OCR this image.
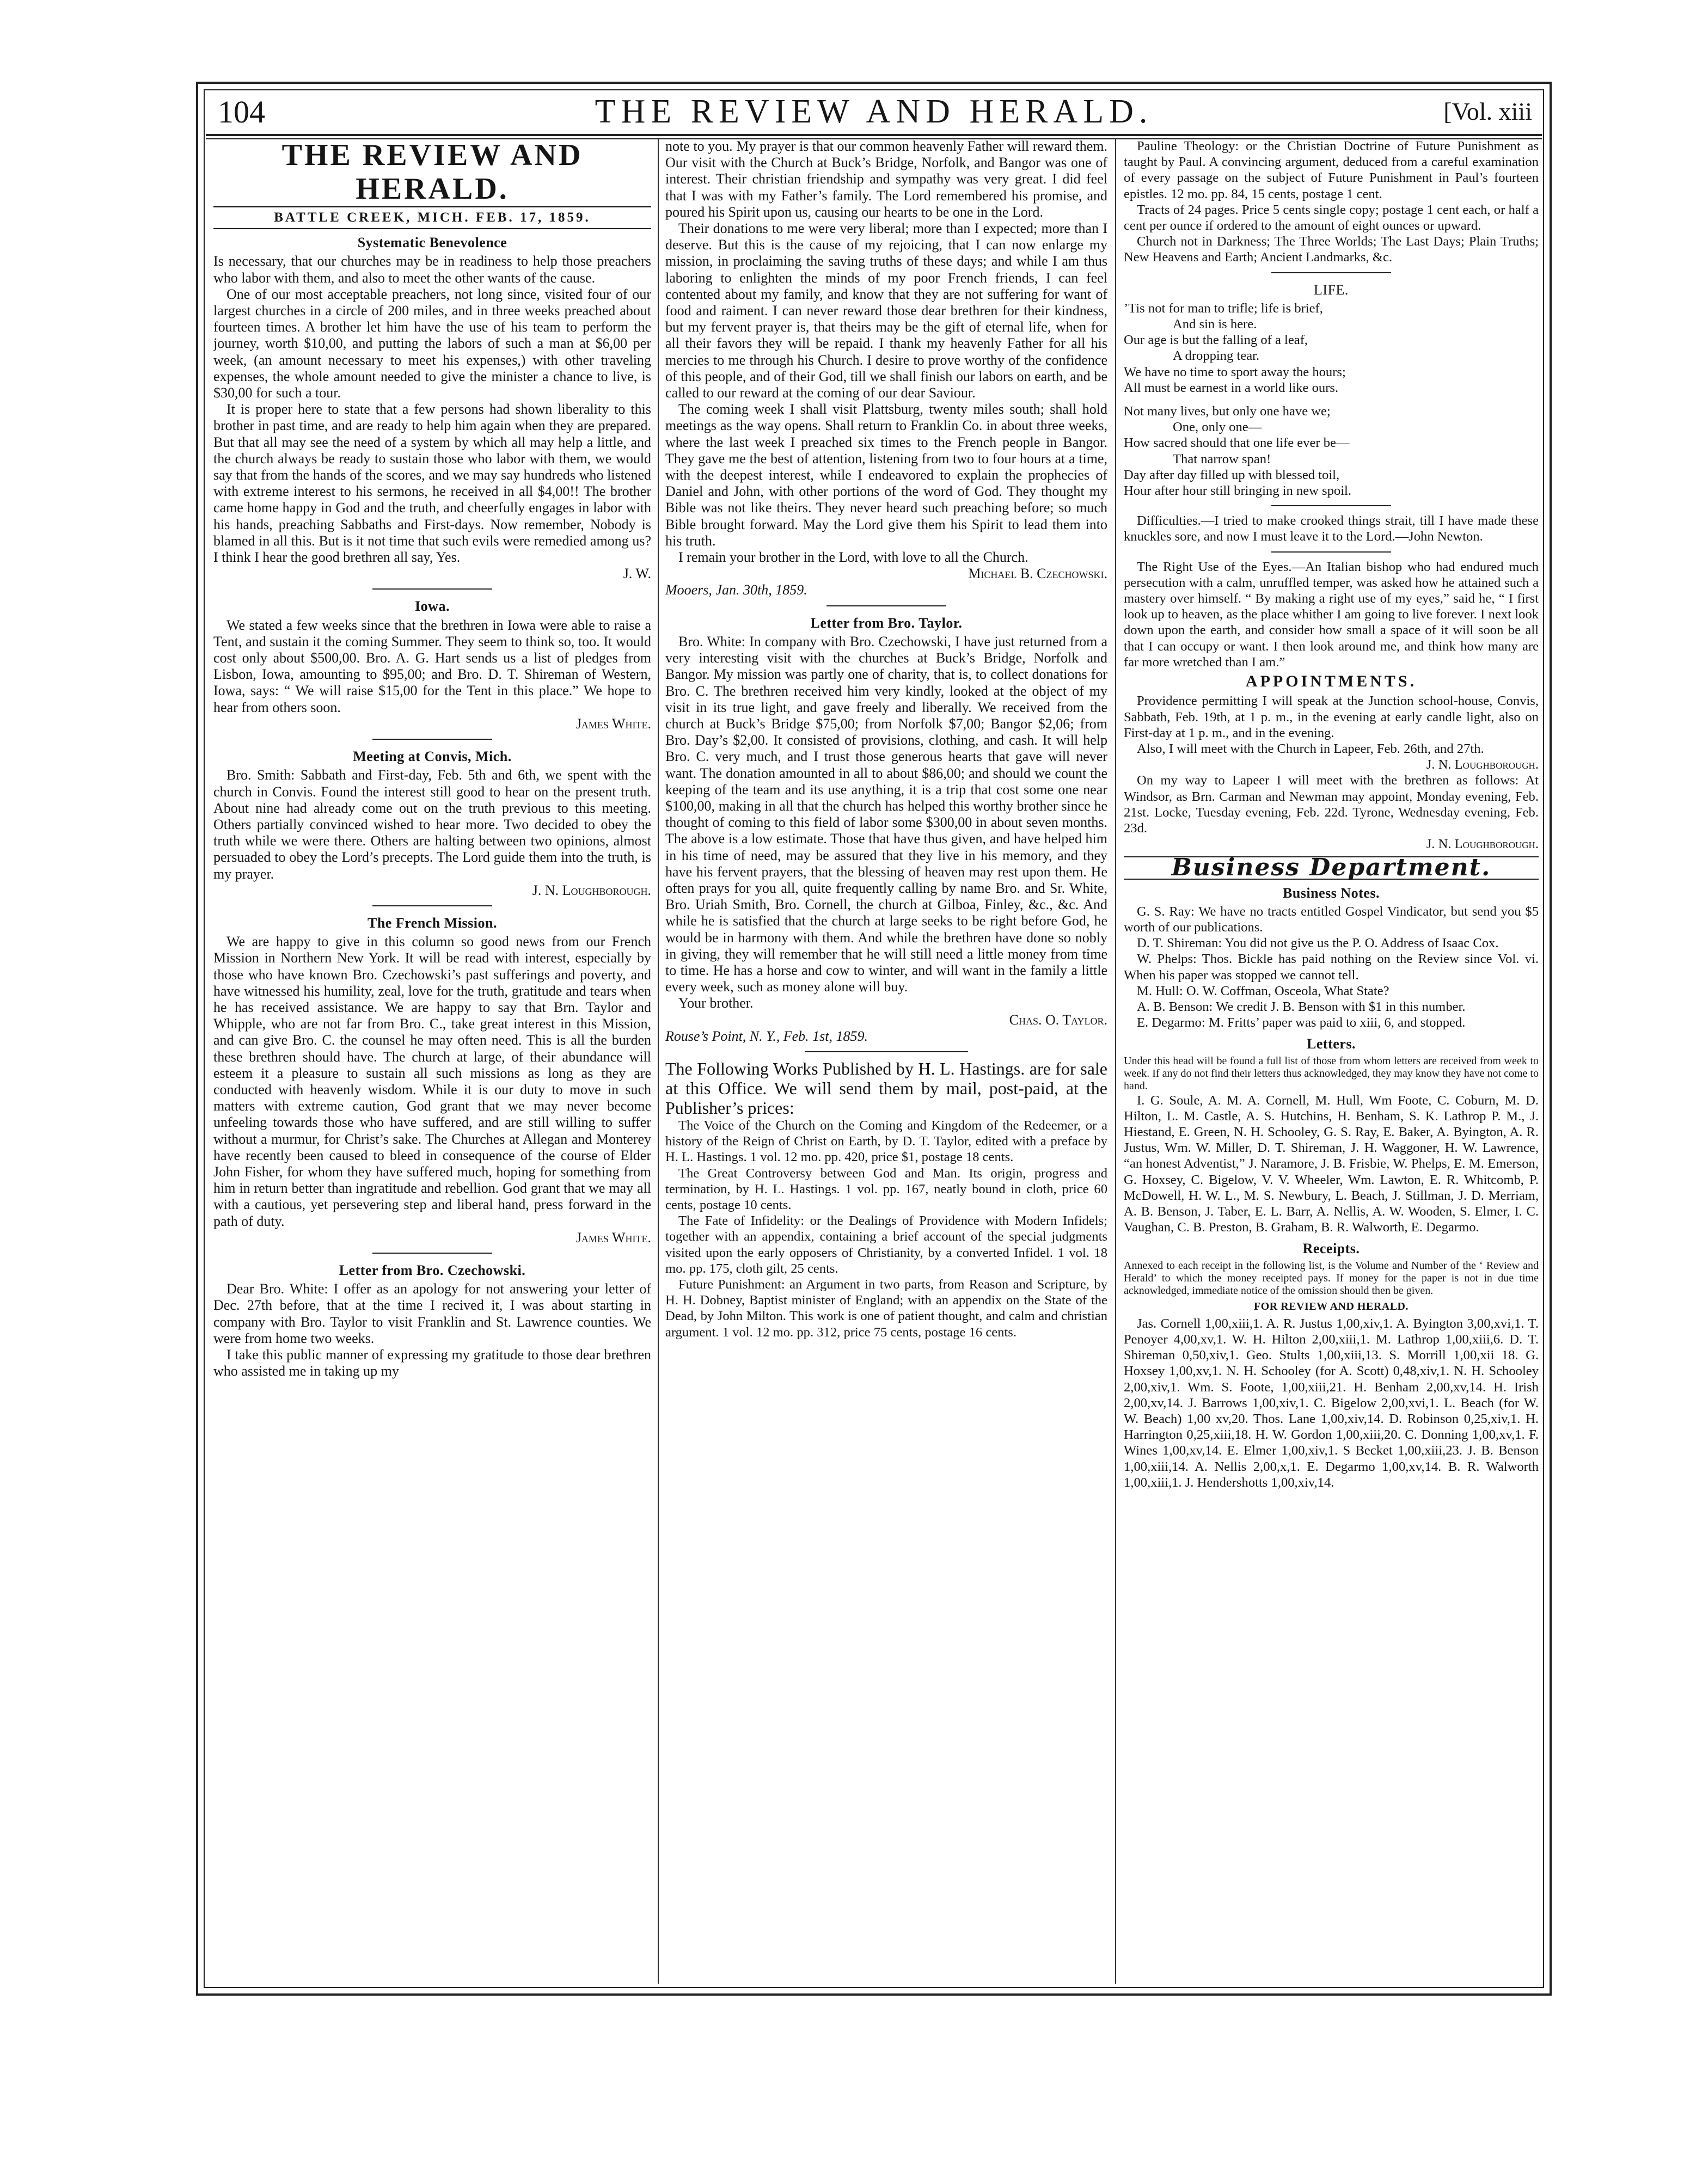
104	THE REVIEW AND HERALD.	[Vol. xiii
THE REVIEW AND HERALD.
BATTLE CREEK, MICH. FEB. 17, 1859.
Systematic Benevolence

Is necessary, that our churches may be in readiness to help those preachers who labor with them, and also to meet the other wants of the cause.

One of our most acceptable preachers, not long since, visited four of our largest churches in a circle of 200 miles, and in three weeks preached about fourteen times. A brother let him have the use of his team to perform the journey, worth $10,00, and putting the labors of such a man at $6,00 per week, (an amount necessary to meet his expenses,) with other traveling expenses, the whole amount needed to give the minister a chance to live, is $30,00 for such a tour.

It is proper here to state that a few persons had shown liberality to this brother in past time, and are ready to help him again when they are prepared. But that all may see the need of a system by which all may help a little, and the church always be ready to sustain those who labor with them, we would say that from the hands of the scores, and we may say hundreds who listened with extreme interest to his sermons, he received in all $4,00!! The brother came home happy in God and the truth, and cheerfully engages in labor with his hands, preaching Sabbaths and First-days. Now remember, Nobody is blamed in all this. But is it not time that such evils were remedied among us? I think I hear the good brethren all say, Yes.

J. W.

Iowa.

We stated a few weeks since that the brethren in Iowa were able to raise a Tent, and sustain it the coming Summer. They seem to think so, too. It would cost only about $500,00. Bro. A. G. Hart sends us a list of pledges from Lisbon, Iowa, amounting to $95,00; and Bro. D. T. Shireman of Western, Iowa, says: “ We will raise $15,00 for the Tent in this place.” We hope to hear from others soon.

James White.

Meeting at Convis, Mich.

Bro. Smith: Sabbath and First-day, Feb. 5th and 6th, we spent with the church in Convis. Found the interest still good to hear on the present truth. About nine had already come out on the truth previous to this meeting. Others partially convinced wished to hear more. Two decided to obey the truth while we were there. Others are halting between two opinions, almost persuaded to obey the Lord’s precepts. The Lord guide them into the truth, is my prayer.

J. N. Loughborough.

The French Mission.

We are happy to give in this column so good news from our French Mission in Northern New York. It will be read with interest, especially by those who have known Bro. Czechowski’s past sufferings and poverty, and have witnessed his humility, zeal, love for the truth, gratitude and tears when he has received assistance. We are happy to say that Brn. Taylor and Whipple, who are not far from Bro. C., take great interest in this Mission, and can give Bro. C. the counsel he may often need. This is all the burden these brethren should have. The church at large, of their abundance will esteem it a pleasure to sustain all such missions as long as they are conducted with heavenly wisdom. While it is our duty to move in such matters with extreme caution, God grant that we may never become unfeeling towards those who have suffered, and are still willing to suffer without a murmur, for Christ’s sake. The Churches at Allegan and Monterey have recently been caused to bleed in consequence of the course of Elder John Fisher, for whom they have suffered much, hoping for something from him in return better than ingratitude and rebellion. God grant that we may all with a cautious, yet persevering step and liberal hand, press forward in the path of duty.

James White.

Letter from Bro. Czechowski.

Dear Bro. White: I offer as an apology for not answering your letter of Dec. 27th before, that at the time I recived it, I was about starting in company with Bro. Taylor to visit Franklin and St. Lawrence counties. We were from home two weeks.

I take this public manner of expressing my gratitude to those dear brethren who assisted me in taking up my

note to you. My prayer is that our common heavenly Father will reward them. Our visit with the Church at Buck’s Bridge, Norfolk, and Bangor was one of interest. Their christian friendship and sympathy was very great. I did feel that I was with my Father’s family. The Lord remembered his promise, and poured his Spirit upon us, causing our hearts to be one in the Lord.

Their donations to me were very liberal; more than I expected; more than I deserve. But this is the cause of my rejoicing, that I can now enlarge my mission, in proclaiming the saving truths of these days; and while I am thus laboring to enlighten the minds of my poor French friends, I can feel contented about my family, and know that they are not suffering for want of food and raiment. I can never reward those dear brethren for their kindness, but my fervent prayer is, that theirs may be the gift of eternal life, when for all their favors they will be repaid. I thank my heavenly Father for all his mercies to me through his Church. I desire to prove worthy of the confidence of this people, and of their God, till we shall finish our labors on earth, and be called to our reward at the coming of our dear Saviour.

The coming week I shall visit Plattsburg, twenty miles south; shall hold meetings as the way opens. Shall return to Franklin Co. in about three weeks, where the last week I preached six times to the French people in Bangor. They gave me the best of attention, listening from two to four hours at a time, with the deepest interest, while I endeavored to explain the prophecies of Daniel and John, with other portions of the word of God. They thought my Bible was not like theirs. They never heard such preaching before; so much Bible brought forward. May the Lord give them his Spirit to lead them into his truth.

I remain your brother in the Lord, with love to all the Church.

Michael B. Czechowski.

Mooers, Jan. 30th, 1859.

Letter from Bro. Taylor.

Bro. White: In company with Bro. Czechowski, I have just returned from a very interesting visit with the churches at Buck’s Bridge, Norfolk and Bangor. My mission was partly one of charity, that is, to collect donations for Bro. C. The brethren received him very kindly, looked at the object of my visit in its true light, and gave freely and liberally. We received from the church at Buck’s Bridge $75,00; from Norfolk $7,00; Bangor $2,06; from Bro. Day’s $2,00. It consisted of provisions, clothing, and cash. It will help Bro. C. very much, and I trust those generous hearts that gave will never want. The donation amounted in all to about $86,00; and should we count the keeping of the team and its use anything, it is a trip that cost some one near $100,00, making in all that the church has helped this worthy brother since he thought of coming to this field of labor some $300,00 in about seven months. The above is a low estimate. Those that have thus given, and have helped him in his time of need, may be assured that they live in his memory, and they have his fervent prayers, that the blessing of heaven may rest upon them. He often prays for you all, quite frequently calling by name Bro. and Sr. White, Bro. Uriah Smith, Bro. Cornell, the church at Gilboa, Finley, &c., &c. And while he is satisfied that the church at large seeks to be right before God, he would be in harmony with them. And while the brethren have done so nobly in giving, they will remember that he will still need a little money from time to time. He has a horse and cow to winter, and will want in the family a little every week, such as money alone will buy.

Your brother.

Chas. O. Taylor.

Rouse’s Point, N. Y., Feb. 1st, 1859.

The Following Works Published by H. L. Hastings. are for sale at this Office. We will send them by mail, post-paid, at the Publisher’s prices:

The Voice of the Church on the Coming and Kingdom of the Redeemer, or a history of the Reign of Christ on Earth, by D. T. Taylor, edited with a preface by H. L. Hastings. 1 vol. 12 mo. pp. 420, price $1, postage 18 cents.

The Great Controversy between God and Man. Its origin, progress and termination, by H. L. Hastings. 1 vol. pp. 167, neatly bound in cloth, price 60 cents, postage 10 cents.

The Fate of Infidelity: or the Dealings of Providence with Modern Infidels; together with an appendix, containing a brief account of the special judgments visited upon the early opposers of Christianity, by a converted Infidel. 1 vol. 18 mo. pp. 175, cloth gilt, 25 cents.

Future Punishment: an Argument in two parts, from Reason and Scripture, by H. H. Dobney, Baptist minister of England; with an appendix on the State of the Dead, by John Milton. This work is one of patient thought, and calm and christian argument. 1 vol. 12 mo. pp. 312, price 75 cents, postage 16 cents.

Pauline Theology: or the Christian Doctrine of Future Punishment as taught by Paul. A convincing argument, deduced from a careful examination of every passage on the subject of Future Punishment in Paul’s fourteen epistles. 12 mo. pp. 84, 15 cents, postage 1 cent.

Tracts of 24 pages. Price 5 cents single copy; postage 1 cent each, or half a cent per ounce if ordered to the amount of eight ounces or upward.

Church not in Darkness; The Three Worlds; The Last Days; Plain Truths; New Heavens and Earth; Ancient Landmarks, &c.

LIFE.
’Tis not for man to trifle; life is brief,
And sin is here.
Our age is but the falling of a leaf,
A dropping tear.
We have no time to sport away the hours;
All must be earnest in a world like ours.
Not many lives, but only one have we;
One, only one—
How sacred should that one life ever be—
That narrow span!
Day after day filled up with blessed toil,
Hour after hour still bringing in new spoil.

Difficulties.—I tried to make crooked things strait, till I have made these knuckles sore, and now I must leave it to the Lord.—John Newton.

The Right Use of the Eyes.—An Italian bishop who had endured much persecution with a calm, unruffled temper, was asked how he attained such a mastery over himself. “ By making a right use of my eyes,” said he, “ I first look up to heaven, as the place whither I am going to live forever. I next look down upon the earth, and consider how small a space of it will soon be all that I can occupy or want. I then look around me, and think how many are far more wretched than I am.”

APPOINTMENTS.

Providence permitting I will speak at the Junction school-house, Convis, Sabbath, Feb. 19th, at 1 p. m., in the evening at early candle light, also on First-day at 1 p. m., and in the evening.

Also, I will meet with the Church in Lapeer, Feb. 26th, and 27th.

J. N. Loughborough.

On my way to Lapeer I will meet with the brethren as follows: At Windsor, as Brn. Carman and Newman may appoint, Monday evening, Feb. 21st. Locke, Tuesday evening, Feb. 22d. Tyrone, Wednesday evening, Feb. 23d.

J. N. Loughborough.

Business Department.
Business Notes.

G. S. Ray: We have no tracts entitled Gospel Vindicator, but send you $5 worth of our publications.

D. T. Shireman: You did not give us the P. O. Address of Isaac Cox.

W. Phelps: Thos. Bickle has paid nothing on the Review since Vol. vi. When his paper was stopped we cannot tell.

M. Hull: O. W. Coffman, Osceola, What State?

A. B. Benson: We credit J. B. Benson with $1 in this number.

E. Degarmo: M. Fritts’ paper was paid to xiii, 6, and stopped.

Letters.

Under this head will be found a full list of those from whom letters are received from week to week. If any do not find their letters thus acknowledged, they may know they have not come to hand.

I. G. Soule, A. M. A. Cornell, M. Hull, Wm Foote, C. Coburn, M. D. Hilton, L. M. Castle, A. S. Hutchins, H. Benham, S. K. Lathrop P. M., J. Hiestand, E. Green, N. H. Schooley, G. S. Ray, E. Baker, A. Byington, A. R. Justus, Wm. W. Miller, D. T. Shireman, J. H. Waggoner, H. W. Lawrence, “an honest Adventist,” J. Naramore, J. B. Frisbie, W. Phelps, E. M. Emerson, G. Hoxsey, C. Bigelow, V. V. Wheeler, Wm. Lawton, E. R. Whitcomb, P. McDowell, H. W. L., M. S. Newbury, L. Beach, J. Stillman, J. D. Merriam, A. B. Benson, J. Taber, E. L. Barr, A. Nellis, A. W. Wooden, S. Elmer, I. C. Vaughan, C. B. Preston, B. Graham, B. R. Walworth, E. Degarmo.

Receipts.

Annexed to each receipt in the following list, is the Volume and Number of the ‘ Review and Herald’ to which the money receipted pays. If money for the paper is not in due time acknowledged, immediate notice of the omission should then be given.

FOR REVIEW AND HERALD.

Jas. Cornell 1,00,xiii,1. A. R. Justus 1,00,xiv,1. A. Byington 3,00,xvi,1. T. Penoyer 4,00,xv,1. W. H. Hilton 2,00,xiii,1. M. Lathrop 1,00,xiii,6. D. T. Shireman 0,50,xiv,1. Geo. Stults 1,00,xiii,13. S. Morrill 1,00,xii 18. G. Hoxsey 1,00,xv,1. N. H. Schooley (for A. Scott) 0,48,xiv,1. N. H. Schooley 2,00,xiv,1. Wm. S. Foote, 1,00,xiii,21. H. Benham 2,00,xv,14. H. Irish 2,00,xv,14. J. Barrows 1,00,xiv,1. C. Bigelow 2,00,xvi,1. L. Beach (for W. W. Beach) 1,00 xv,20. Thos. Lane 1,00,xiv,14. D. Robinson 0,25,xiv,1. H. Harrington 0,25,xiii,18. H. W. Gordon 1,00,xiii,20. C. Donning 1,00,xv,1. F. Wines 1,00,xv,14. E. Elmer 1,00,xiv,1. S Becket 1,00,xiii,23. J. B. Benson 1,00,xiii,14. A. Nellis 2,00,x,1. E. Degarmo 1,00,xv,14. B. R. Walworth 1,00,xiii,1. J. Hendershotts 1,00,xiv,14.
